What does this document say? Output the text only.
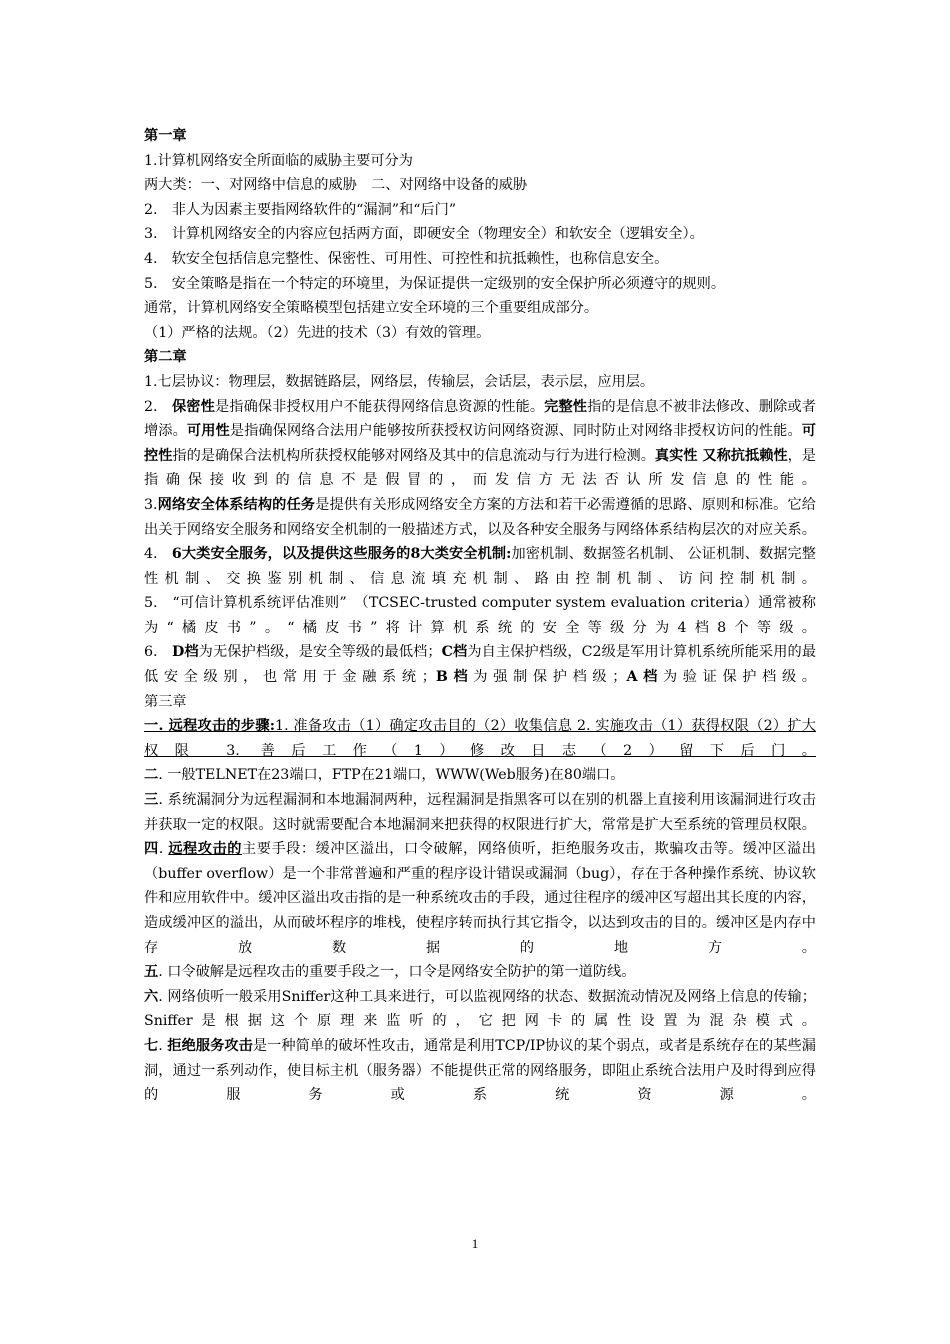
第一章
1.计算机网络安全所面临的威胁主要可分为
两大类：一、对网络中信息的威胁　二、对网络中设备的威胁
2.　非人为因素主要指网络软件的“漏洞”和“后门”
3.　计算机网络安全的内容应包括两方面，即硬安全（物理安全）和软安全（逻辑安全）。
4.　软安全包括信息完整性、保密性、可用性、可控性和抗抵赖性，也称信息安全。
5.　安全策略是指在一个特定的环境里，为保证提供一定级别的安全保护所必须遵守的规则。
通常，计算机网络安全策略模型包括建立安全环境的三个重要组成部分。
（1）严格的法规。（2）先进的技术（3）有效的管理。
第二章
1.七层协议：物理层，数据链路层，网络层，传输层，会话层，表示层，应用层。
2.　保密性是指确保非授权用户不能获得网络信息资源的性能。完整性指的是信息不被非法修改、删除或者增添。可用性是指确保网络合法用户能够按所获授权访问网络资源、同时防止对网络非授权访问的性能。可控性指的是确保合法机构所获授权能够对网络及其中的信息流动与行为进行检测。真实性 又称抗抵赖性，是指确保接收到的信息不是假冒的，而发信方无法否认所发信息的性能。
3.网络安全体系结构的任务是提供有关形成网络安全方案的方法和若干必需遵循的思路、原则和标准。它给出关于网络安全服务和网络安全机制的一般描述方式，以及各种安全服务与网络体系结构层次的对应关系。
4.　6大类安全服务，以及提供这些服务的8大类安全机制:加密机制、数据签名机制、 公证机制、数据完整性机制、交换鉴别机制、信息流填充机制、路由控制机制、访问控制机制。
5.　“可信计算机系统评估准则”　（TCSEC-trusted computer system evaluation criteria）通常被称为“橘皮书”。“橘皮书”将计算机系统的安全等级分为4档8个等级。
6.　D档为无保护档级，是安全等级的最低档；C档为自主保护档级，C2级是军用计算机系统所能采用的最低安全级别，也常用于金融系统；B档为强制保护档级；A档为验证保护档级。
第三章
一. 远程攻击的步骤:1. 准备攻击（1）确定攻击目的（2）收集信息 2. 实施攻击（1）获得权限（2）扩大权限 3. 善后工作（1）修改日志（2）留下后门。
二. 一般TELNET在23端口，FTP在21端口，WWW(Web服务)在80端口。
三. 系统漏洞分为远程漏洞和本地漏洞两种，远程漏洞是指黑客可以在别的机器上直接利用该漏洞进行攻击并获取一定的权限。这时就需要配合本地漏洞来把获得的权限进行扩大，常常是扩大至系统的管理员权限。
四. 远程攻击的主要手段：缓冲区溢出，口令破解，网络侦听，拒绝服务攻击，欺骗攻击等。缓冲区溢出（buffer overflow）是一个非常普遍和严重的程序设计错误或漏洞（bug），存在于各种操作系统、协议软件和应用软件中。缓冲区溢出攻击指的是一种系统攻击的手段，通过往程序的缓冲区写超出其长度的内容，造成缓冲区的溢出，从而破坏程序的堆栈，使程序转而执行其它指令，以达到攻击的目的。缓冲区是内存中存放数据的地方。
五. 口令破解是远程攻击的重要手段之一，口令是网络安全防护的第一道防线。
六. 网络侦听一般采用Sniffer这种工具来进行，可以监视网络的状态、数据流动情况及网络上信息的传输；Sniffer是根据这个原理来监听的，它把网卡的属性设置为混杂模式。
七. 拒绝服务攻击是一种简单的破坏性攻击，通常是利用TCP/IP协议的某个弱点，或者是系统存在的某些漏洞，通过一系列动作，使目标主机（服务器）不能提供正常的网络服务，即阻止系统合法用户及时得到应得的服务或系统资源。
1
